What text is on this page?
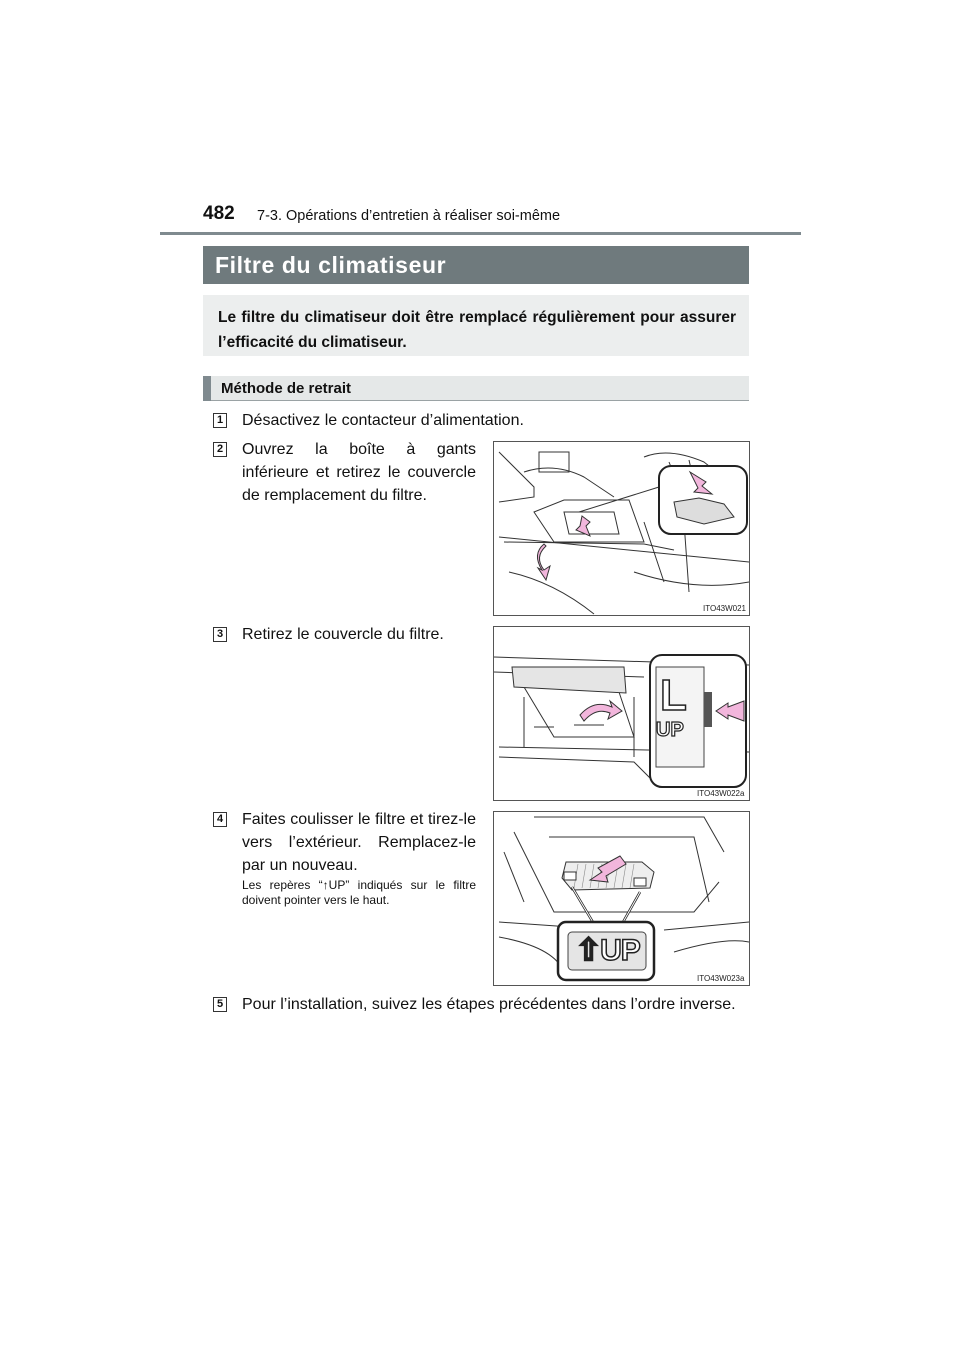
482 7-3. Opérations d’entretien à réaliser soi-même
Filtre du climatiseur
Le filtre du climatiseur doit être remplacé régulièrement pour assurer l’efficacité du climatiseur.
Méthode de retrait
1 Désactivez le contacteur d’alimentation.
2 Ouvrez la boîte à gants inférieure et retirez le couvercle de remplacement du filtre.
ITO43W021
3 Retirez le couvercle du filtre.
L
UP
ITO43W022a
4 Faites coulisser le filtre et tirez-le vers l’extérieur. Remplacez-le par un nouveau.
Les repères “↑UP” indiqués sur le filtre doivent pointer vers le haut.
⇧UP
ITO43W023a
5 Pour l’installation, suivez les étapes précédentes dans l’ordre inverse.
